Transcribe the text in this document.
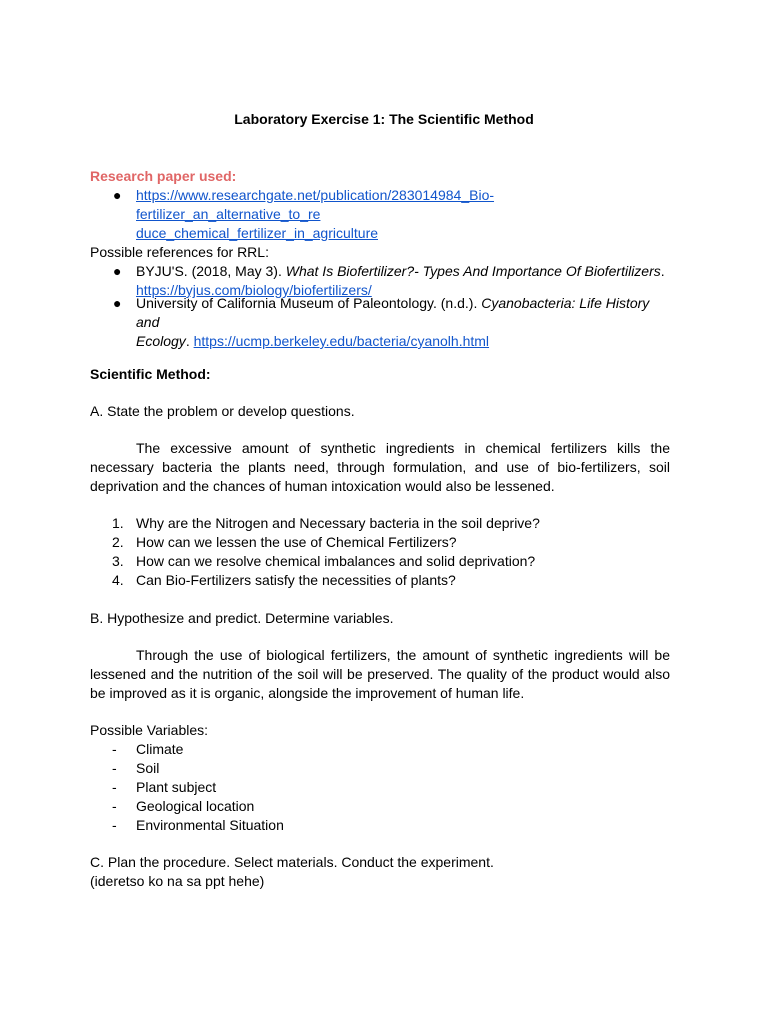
Laboratory Exercise 1: The Scientific Method
Research paper used:
● https://www.researchgate.net/publication/283014984_Bio-fertilizer_an_alternative_to_re
duce_chemical_fertilizer_in_agriculture
Possible references for RRL:
● BYJU'S. (2018, May 3). What Is Biofertilizer?- Types And Importance Of Biofertilizers.
https://byjus.com/biology/biofertilizers/
● University of California Museum of Paleontology. (n.d.). Cyanobacteria: Life History and
Ecology. https://ucmp.berkeley.edu/bacteria/cyanolh.html
Scientific Method:
A. State the problem or develop questions.
The excessive amount of synthetic ingredients in chemical fertilizers kills the necessary bacteria the plants need, through formulation, and use of bio-fertilizers, soil deprivation and the chances of human intoxication would also be lessened.
1. Why are the Nitrogen and Necessary bacteria in the soil deprive?
2. How can we lessen the use of Chemical Fertilizers?
3. How can we resolve chemical imbalances and solid deprivation?
4. Can Bio-Fertilizers satisfy the necessities of plants?
B. Hypothesize and predict. Determine variables.
Through the use of biological fertilizers, the amount of synthetic ingredients will be lessened and the nutrition of the soil will be preserved. The quality of the product would also be improved as it is organic, alongside the improvement of human life.
Possible Variables:
- Climate
- Soil
- Plant subject
- Geological location
- Environmental Situation
C. Plan the procedure. Select materials. Conduct the experiment.
(ideretso ko na sa ppt hehe)
